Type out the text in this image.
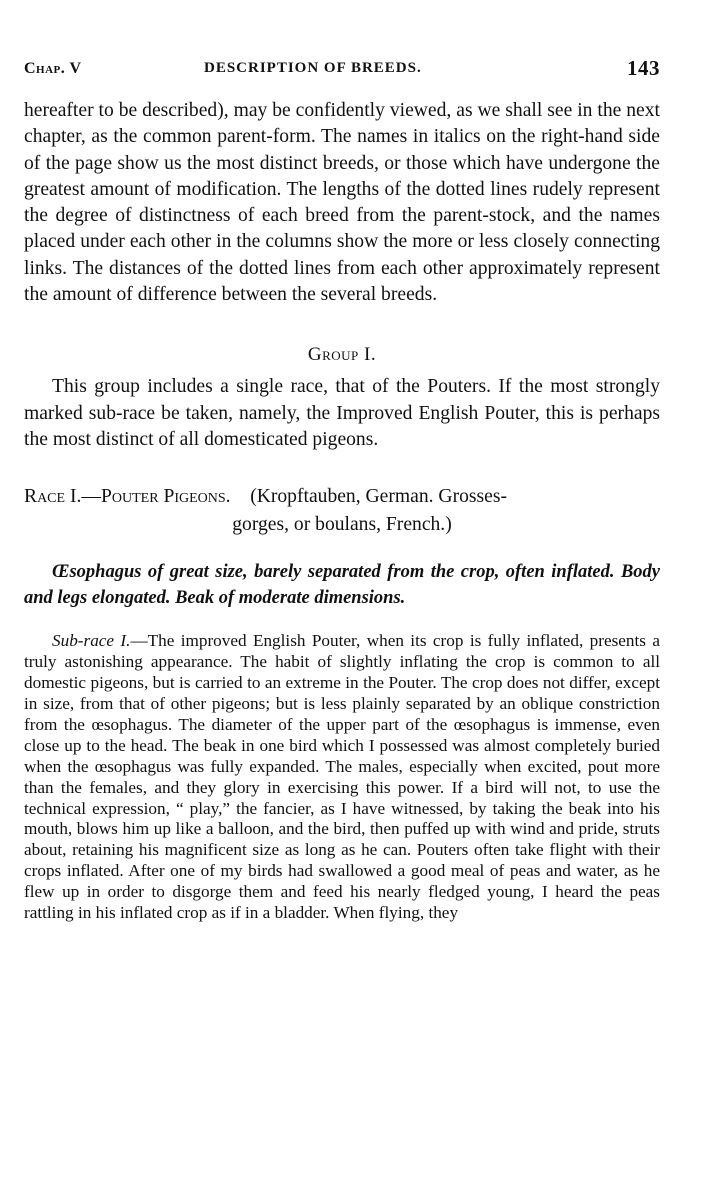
Chap. V	DESCRIPTION OF BREEDS.	143

hereafter to be described), may be confidently viewed, as we shall see in the next chapter, as the common parent-form. The names in italics on the right-hand side of the page show us the most distinct breeds, or those which have undergone the greatest amount of modification. The lengths of the dotted lines rudely represent the degree of distinctness of each breed from the parent-stock, and the names placed under each other in the columns show the more or less closely connecting links. The distances of the dotted lines from each other approximately represent the amount of difference between the several breeds.

Group I.

This group includes a single race, that of the Pouters. If the most strongly marked sub-race be taken, namely, the Improved English Pouter, this is perhaps the most distinct of all domesticated pigeons.

Race I.—Pouter Pigeons. (Kropftauben, German. Grosses-
gorges, or boulans, French.)

Œsophagus of great size, barely separated from the crop, often inflated. Body and legs elongated. Beak of moderate dimensions.

Sub-race I.—The improved English Pouter, when its crop is fully inflated, presents a truly astonishing appearance. The habit of slightly inflating the crop is common to all domestic pigeons, but is carried to an extreme in the Pouter. The crop does not differ, except in size, from that of other pigeons; but is less plainly separated by an oblique constriction from the œsophagus. The diameter of the upper part of the œsophagus is immense, even close up to the head. The beak in one bird which I possessed was almost completely buried when the œsophagus was fully expanded. The males, especially when excited, pout more than the females, and they glory in exercising this power. If a bird will not, to use the technical expression, “ play,” the fancier, as I have witnessed, by taking the beak into his mouth, blows him up like a balloon, and the bird, then puffed up with wind and pride, struts about, retaining his magnificent size as long as he can. Pouters often take flight with their crops inflated. After one of my birds had swallowed a good meal of peas and water, as he flew up in order to disgorge them and feed his nearly fledged young, I heard the peas rattling in his inflated crop as if in a bladder. When flying, they
